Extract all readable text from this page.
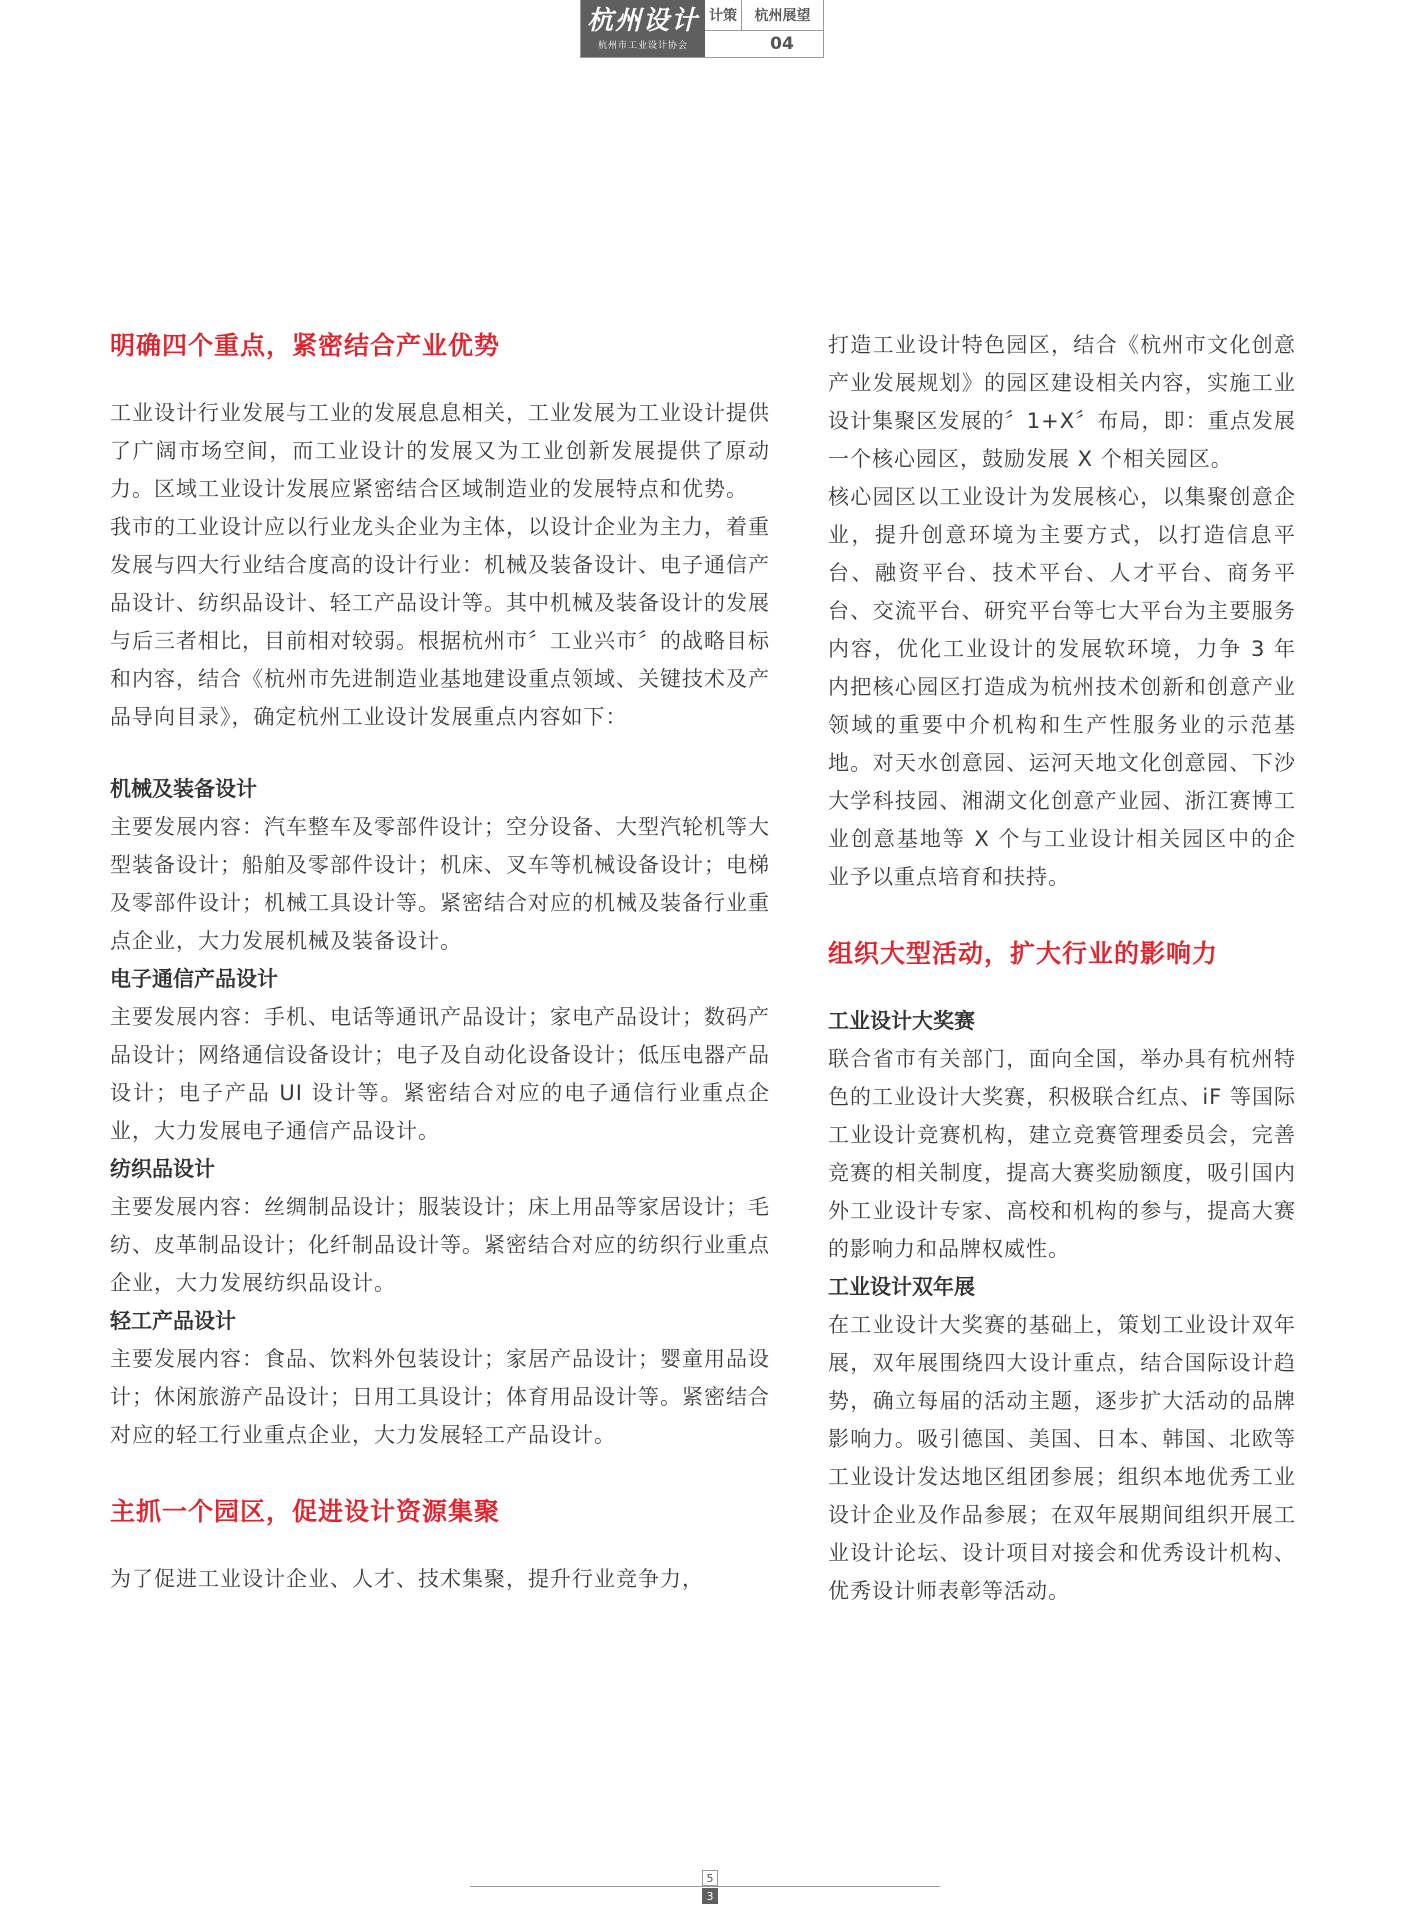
杭州设计
杭州市工业设计协会
计策	杭州展望
04
明确四个重点，紧密结合产业优势

工业设计行业发展与工业的发展息息相关，工业发展为工业设计提供了广阔市场空间，而工业设计的发展又为工业创新发展提供了原动力。区域工业设计发展应紧密结合区域制造业的发展特点和优势。

我市的工业设计应以行业龙头企业为主体，以设计企业为主力，着重发展与四大行业结合度高的设计行业：机械及装备设计、电子通信产品设计、纺织品设计、轻工产品设计等。其中机械及装备设计的发展与后三者相比，目前相对较弱。根据杭州市〞工业兴市〞的战略目标和内容，结合《杭州市先进制造业基地建设重点领域、关键技术及产品导向目录》，确定杭州工业设计发展重点内容如下：

机械及装备设计

主要发展内容：汽车整车及零部件设计；空分设备、大型汽轮机等大型装备设计；船舶及零部件设计；机床、叉车等机械设备设计；电梯及零部件设计；机械工具设计等。紧密结合对应的机械及装备行业重点企业，大力发展机械及装备设计。

电子通信产品设计

主要发展内容：手机、电话等通讯产品设计；家电产品设计；数码产品设计；网络通信设备设计；电子及自动化设备设计；低压电器产品设计；电子产品 UI 设计等。紧密结合对应的电子通信行业重点企业，大力发展电子通信产品设计。

纺织品设计

主要发展内容：丝绸制品设计；服装设计；床上用品等家居设计；毛纺、皮革制品设计；化纤制品设计等。紧密结合对应的纺织行业重点企业，大力发展纺织品设计。

轻工产品设计

主要发展内容：食品、饮料外包装设计；家居产品设计；婴童用品设计；休闲旅游产品设计；日用工具设计；体育用品设计等。紧密结合对应的轻工行业重点企业，大力发展轻工产品设计。

主抓一个园区，促进设计资源集聚

为了促进工业设计企业、人才、技术集聚，提升行业竞争力，

打造工业设计特色园区，结合《杭州市文化创意产业发展规划》的园区建设相关内容，实施工业设计集聚区发展的〞1+X〞布局，即：重点发展一个核心园区，鼓励发展 X 个相关园区。

核心园区以工业设计为发展核心，以集聚创意企业，提升创意环境为主要方式，以打造信息平台、融资平台、技术平台、人才平台、商务平台、交流平台、研究平台等七大平台为主要服务内容，优化工业设计的发展软环境，力争 3 年内把核心园区打造成为杭州技术创新和创意产业领域的重要中介机构和生产性服务业的示范基地。对天水创意园、运河天地文化创意园、下沙大学科技园、湘湖文化创意产业园、浙江赛博工业创意基地等 X 个与工业设计相关园区中的企业予以重点培育和扶持。

组织大型活动，扩大行业的影响力
工业设计大奖赛

联合省市有关部门，面向全国，举办具有杭州特色的工业设计大奖赛，积极联合红点、iF 等国际工业设计竞赛机构，建立竞赛管理委员会，完善竞赛的相关制度，提高大赛奖励额度，吸引国内外工业设计专家、高校和机构的参与，提高大赛的影响力和品牌权威性。

工业设计双年展

在工业设计大奖赛的基础上，策划工业设计双年展，双年展围绕四大设计重点，结合国际设计趋势，确立每届的活动主题，逐步扩大活动的品牌影响力。吸引德国、美国、日本、韩国、北欧等工业设计发达地区组团参展；组织本地优秀工业设计企业及作品参展；在双年展期间组织开展工业设计论坛、设计项目对接会和优秀设计机构、优秀设计师表彰等活动。

5
3
